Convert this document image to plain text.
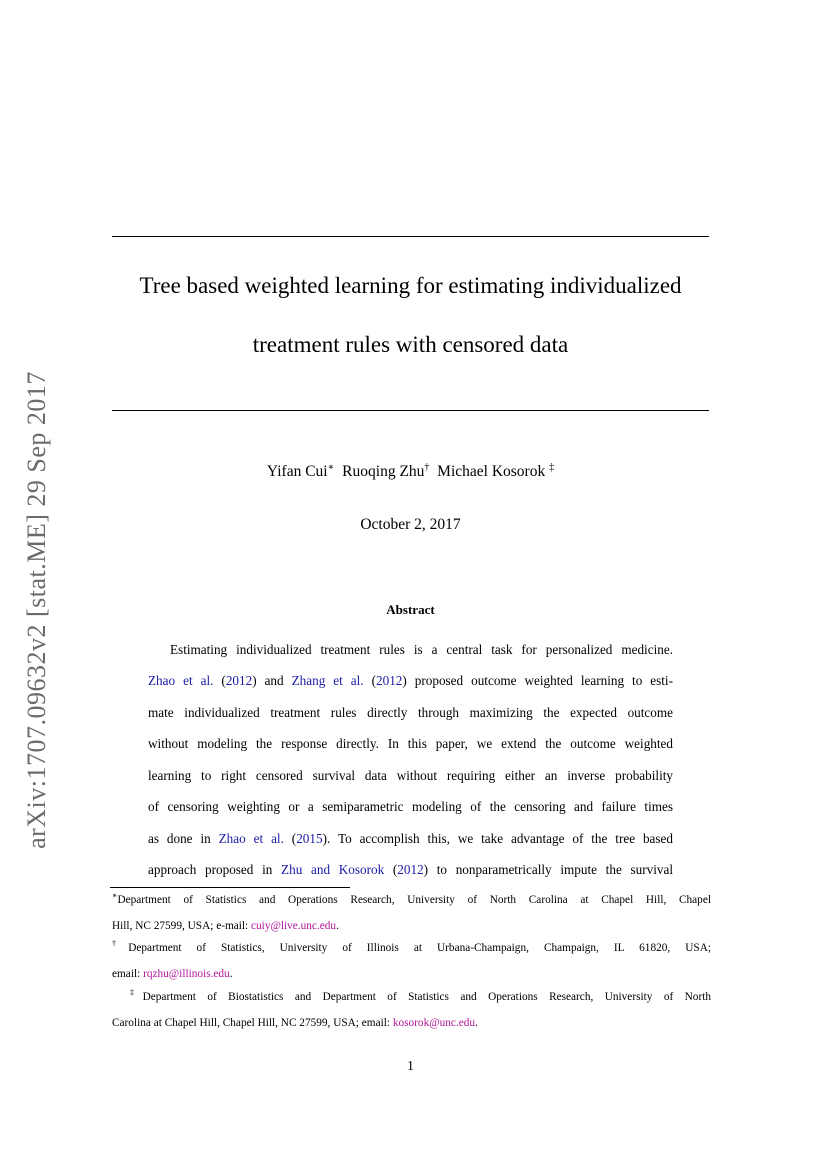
arXiv:1707.09632v2 [stat.ME] 29 Sep 2017
Tree based weighted learning for estimating individualized
treatment rules with censored data
Yifan Cui∗ Ruoqing Zhu† Michael Kosorok ‡
October 2, 2017
Abstract
Estimating individualized treatment rules is a central task for personalized medicine.
Zhao et al. (2012) and Zhang et al. (2012) proposed outcome weighted learning to esti-
mate individualized treatment rules directly through maximizing the expected outcome
without modeling the response directly. In this paper, we extend the outcome weighted
learning to right censored survival data without requiring either an inverse probability
of censoring weighting or a semiparametric modeling of the censoring and failure times
as done in Zhao et al. (2015). To accomplish this, we take advantage of the tree based
approach proposed in Zhu and Kosorok (2012) to nonparametrically impute the survival
∗Department of Statistics and Operations Research, University of North Carolina at Chapel Hill, Chapel
Hill, NC 27599, USA; e-mail: cuiy@live.unc.edu.
†Department of Statistics, University of Illinois at Urbana-Champaign, Champaign, IL 61820, USA;
email: rqzhu@illinois.edu.
‡Department of Biostatistics and Department of Statistics and Operations Research, University of North
Carolina at Chapel Hill, Chapel Hill, NC 27599, USA; email: kosorok@unc.edu.
1
